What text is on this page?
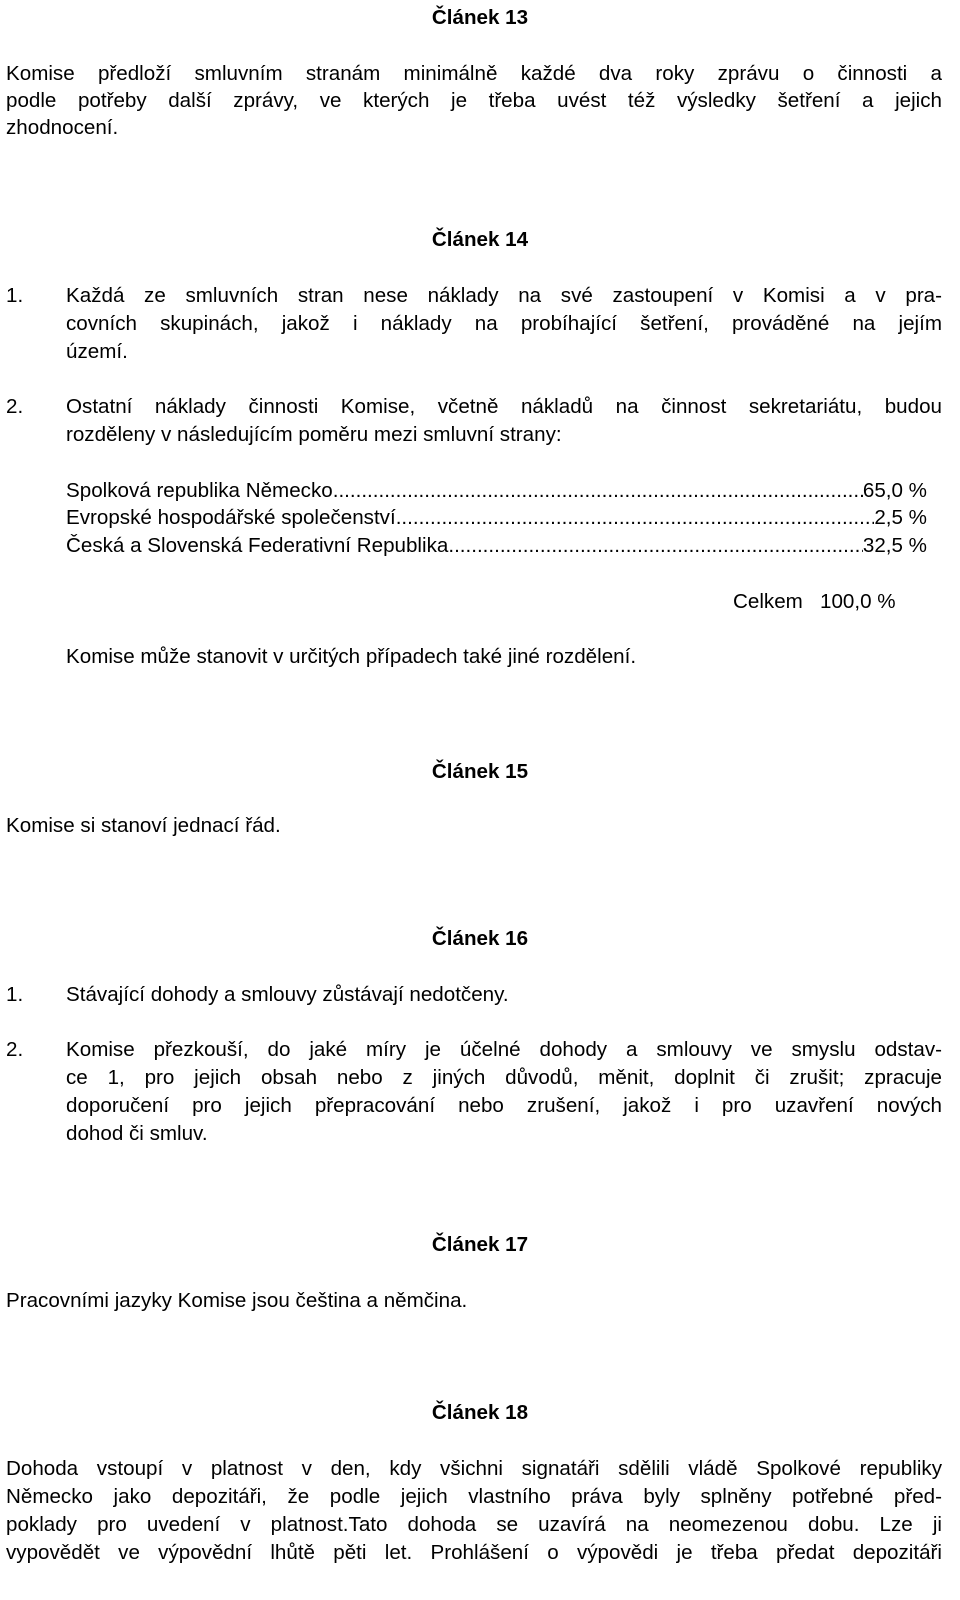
Článek 13
Komise předloží smluvním stranám minimálně každé dva roky zprávu o činnosti a
podle potřeby další zprávy, ve kterých je třeba uvést též výsledky šetření a jejich
zhodnocení.
Článek 14
1. Každá ze smluvních stran nese náklady na své zastoupení v Komisi a v pra-
covních skupinách, jakož i náklady na probíhající šetření, prováděné na jejím
území.
2. Ostatní náklady činnosti Komise, včetně nákladů na činnost sekretariátu, budou
rozděleny v následujícím poměru mezi smluvní strany:
Spolková republika Německo .....	65,0 %
Evropské hospodářské společenství .....	2,5 %
Česká a Slovenská Federativní Republika .....	32,5 %
Celkem 100,0 %
Komise může stanovit v určitých případech také jiné rozdělení.
Článek 15
Komise si stanoví jednací řád.
Článek 16
1. Stávající dohody a smlouvy zůstávají nedotčeny.
2. Komise přezkouší, do jaké míry je účelné dohody a smlouvy ve smyslu odstav-
ce 1, pro jejich obsah nebo z jiných důvodů, měnit, doplnit či zrušit; zpracuje
doporučení pro jejich přepracování nebo zrušení, jakož i pro uzavření nových
dohod či smluv.
Článek 17
Pracovními jazyky Komise jsou čeština a němčina.
Článek 18
Dohoda vstoupí v platnost v den, kdy všichni signatáři sdělili vládě Spolkové republiky
Německo jako depozitáři, že podle jejich vlastního práva byly splněny potřebné před-
poklady pro uvedení v platnost.Tato dohoda se uzavírá na neomezenou dobu. Lze ji
vypovědět ve výpovědní lhůtě pěti let. Prohlášení o výpovědi je třeba předat depozitáři
